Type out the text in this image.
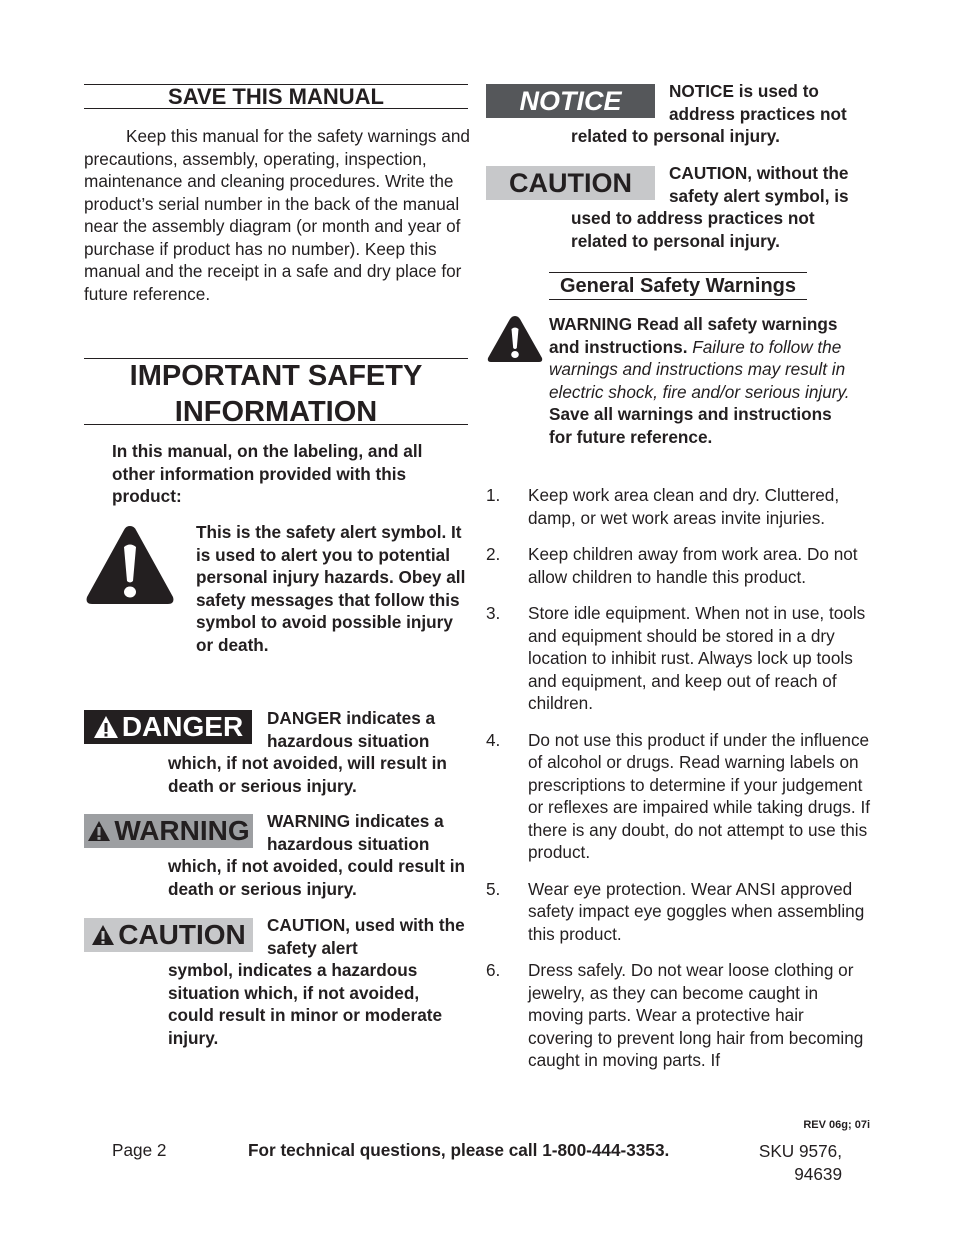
SAVE THIS MANUAL
Keep this manual for the safety warnings and precautions, assembly, operating, inspection, maintenance and cleaning procedures. Write the product’s serial number in the back of the manual near the assembly diagram (or month and year of purchase if product has no number). Keep this manual and the receipt in a safe and dry place for future reference.
IMPORTANT SAFETY
INFORMATION
In this manual, on the labeling, and all other information provided with this product:
This is the safety alert symbol. It is used to alert you to potential personal injury hazards. Obey all safety messages that follow this symbol to avoid possible injury or death.
DANGER DANGER indicates a hazardous situation
which, if not avoided, will result in death or serious injury.
WARNING WARNING indicates a hazardous situation
which, if not avoided, could result in death or serious injury.
CAUTION CAUTION, used with the safety alert
symbol, indicates a hazardous situation which, if not avoided, could result in minor or moderate injury.
NOTICE	NOTICE is used to address practices not
related to personal injury.
CAUTION CAUTION, without the safety alert symbol, is
used to address practices not related to personal injury.
General Safety Warnings
WARNING Read all safety warnings and instructions. Failure to follow the warnings and instructions may result in electric shock, fire and/or serious injury.
Save all warnings and instructions for future reference.
1.	Keep work area clean and dry. Cluttered, damp, or wet work areas invite injuries.
2.	Keep children away from work area. Do not allow children to handle this product.
3.	Store idle equipment. When not in use, tools and equipment should be stored in a dry location to inhibit rust. Always lock up tools and equipment, and keep out of reach of children.
4.	Do not use this product if under the influence of alcohol or drugs. Read warning labels on prescriptions to determine if your judgement or reflexes are impaired while taking drugs. If there is any doubt, do not attempt to use this product.
5.	Wear eye protection. Wear ANSI approved safety impact eye goggles when assembling this product.
6.	Dress safely. Do not wear loose clothing or jewelry, as they can become caught in moving parts. Wear a protective hair covering to prevent long hair from becoming caught in moving parts. If
REV 06g; 07i
Page 2	For technical questions, please call 1-800-444-3353.	SKU 9576,
94639
